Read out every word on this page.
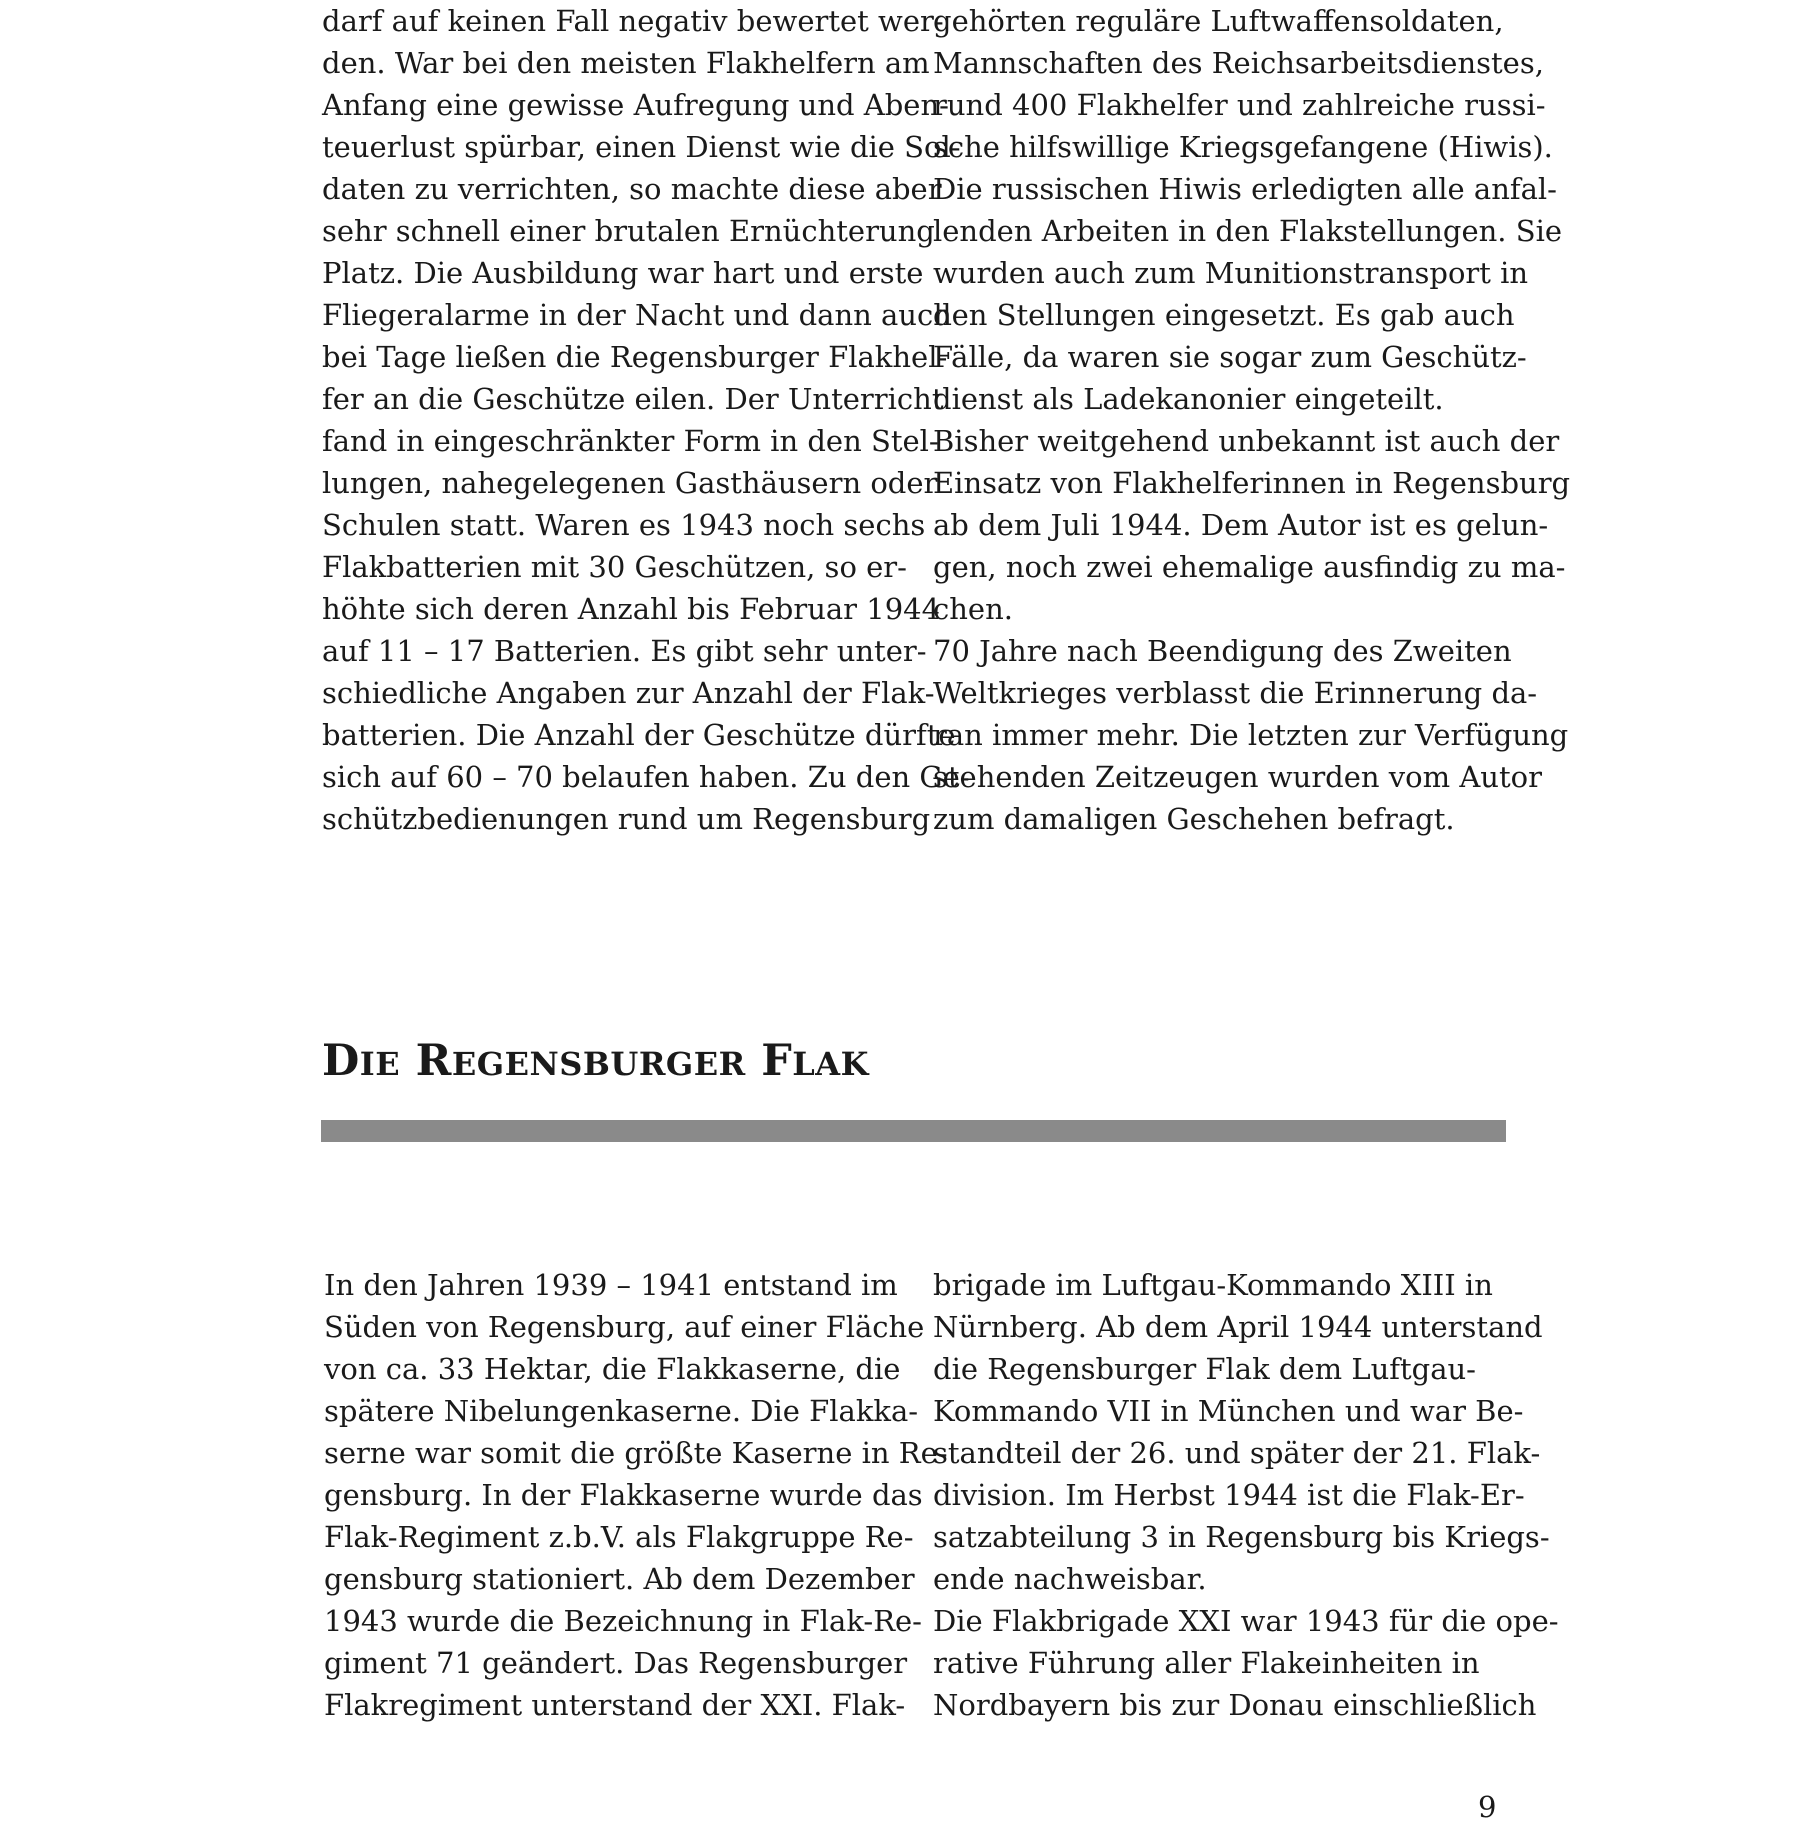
darf auf keinen Fall negativ bewertet wer-
den. War bei den meisten Flakhelfern am
Anfang eine gewisse Aufregung und Aben-
teuerlust spürbar, einen Dienst wie die Sol-
daten zu verrichten, so machte diese aber
sehr schnell einer brutalen Ernüchterung
Platz. Die Ausbildung war hart und erste
Fliegeralarme in der Nacht und dann auch
bei Tage ließen die Regensburger Flakhel-
fer an die Geschütze eilen. Der Unterricht
fand in eingeschränkter Form in den Stel-
lungen, nahegelegenen Gasthäusern oder
Schulen statt. Waren es 1943 noch sechs
Flakbatterien mit 30 Geschützen, so er-
höhte sich deren Anzahl bis Februar 1944
auf 11 – 17 Batterien. Es gibt sehr unter-
schiedliche Angaben zur Anzahl der Flak-
batterien. Die Anzahl der Geschütze dürfte
sich auf 60 – 70 belaufen haben. Zu den Ge-
schützbedienungen rund um Regensburg
gehörten reguläre Luftwaffensoldaten,
Mannschaften des Reichsarbeitsdienstes,
rund 400 Flakhelfer und zahlreiche russi-
sche hilfswillige Kriegsgefangene (Hiwis).
Die russischen Hiwis erledigten alle anfal-
lenden Arbeiten in den Flakstellungen. Sie
wurden auch zum Munitionstransport in
den Stellungen eingesetzt. Es gab auch
Fälle, da waren sie sogar zum Geschütz-
dienst als Ladekanonier eingeteilt.
Bisher weitgehend unbekannt ist auch der
Einsatz von Flakhelferinnen in Regensburg
ab dem Juli 1944. Dem Autor ist es gelun-
gen, noch zwei ehemalige ausfindig zu ma-
chen.
70 Jahre nach Beendigung des Zweiten
Weltkrieges verblasst die Erinnerung da-
ran immer mehr. Die letzten zur Verfügung
stehenden Zeitzeugen wurden vom Autor
zum damaligen Geschehen befragt.
DIE REGENSBURGER FLAK
In den Jahren 1939 – 1941 entstand im
Süden von Regensburg, auf einer Fläche
von ca. 33 Hektar, die Flakkaserne, die
spätere Nibelungenkaserne. Die Flakka-
serne war somit die größte Kaserne in Re-
gensburg. In der Flakkaserne wurde das
Flak-Regiment z.b.V. als Flakgruppe Re-
gensburg stationiert. Ab dem Dezember
1943 wurde die Bezeichnung in Flak-Re-
giment 71 geändert. Das Regensburger
Flakregiment unterstand der XXI. Flak-
brigade im Luftgau-Kommando XIII in
Nürnberg. Ab dem April 1944 unterstand
die Regensburger Flak dem Luftgau-
Kommando VII in München und war Be-
standteil der 26. und später der 21. Flak-
division. Im Herbst 1944 ist die Flak-Er-
satzabteilung 3 in Regensburg bis Kriegs-
ende nachweisbar.
Die Flakbrigade XXI war 1943 für die ope-
rative Führung aller Flakeinheiten in
Nordbayern bis zur Donau einschließlich
9
